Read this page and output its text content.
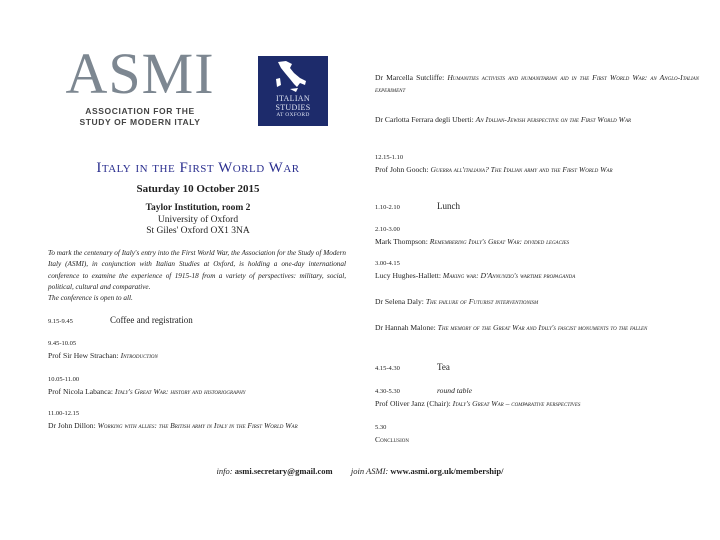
ASMI
ASSOCIATION FOR THE
STUDY OF MODERN ITALY
ITALIAN
STUDIES
AT OXFORD
Italy in the First World War
Saturday 10 October 2015
Taylor Institution, room 2
University of Oxford
St Giles' Oxford OX1 3NA
To mark the centenary of Italy's entry into the First World War, the Association for the Study of Modern Italy (ASMI), in conjunction with Italian Studies at Oxford, is holding a one-day international conference to examine the experience of 1915-18 from a variety of perspectives: military, social, political, cultural and comparative.
The conference is open to all.
9.15-9.45	Coffee and registration
9.45-10.05
Prof Sir Hew Strachan: Introduction
10.05-11.00
Prof Nicola Labanca: Italy's Great War: history and historiography
11.00-12.15
Dr John Dillon: Working with allies: the British army in Italy in the First World War
Dr Marcella Sutcliffe: Humanities activists and humanitarian aid in the First World War: an Anglo-Italian experiment
Dr Carlotta Ferrara degli Uberti: An Italian-Jewish perspective on the First World War
12.15-1.10
Prof John Gooch: Guerra all'italiana? The Italian army and the First World War
1.10-2.10	Lunch
2.10-3.00
Mark Thompson: Remembering Italy's Great War: divided legacies
3.00-4.15
Lucy Hughes-Hallett: Making war: D'Annunzio's wartime propaganda
Dr Selena Daly: The failure of Futurist interventionism
Dr Hannah Malone: The memory of the Great War and Italy's fascist monuments to the fallen
4.15-4.30	Tea
4.30-5.30	round table
Prof Oliver Janz (Chair): Italy's Great War – comparative perspectives
5.30
Conclusion
info: asmi.secretary@gmail.com join ASMI: www.asmi.org.uk/membership/
